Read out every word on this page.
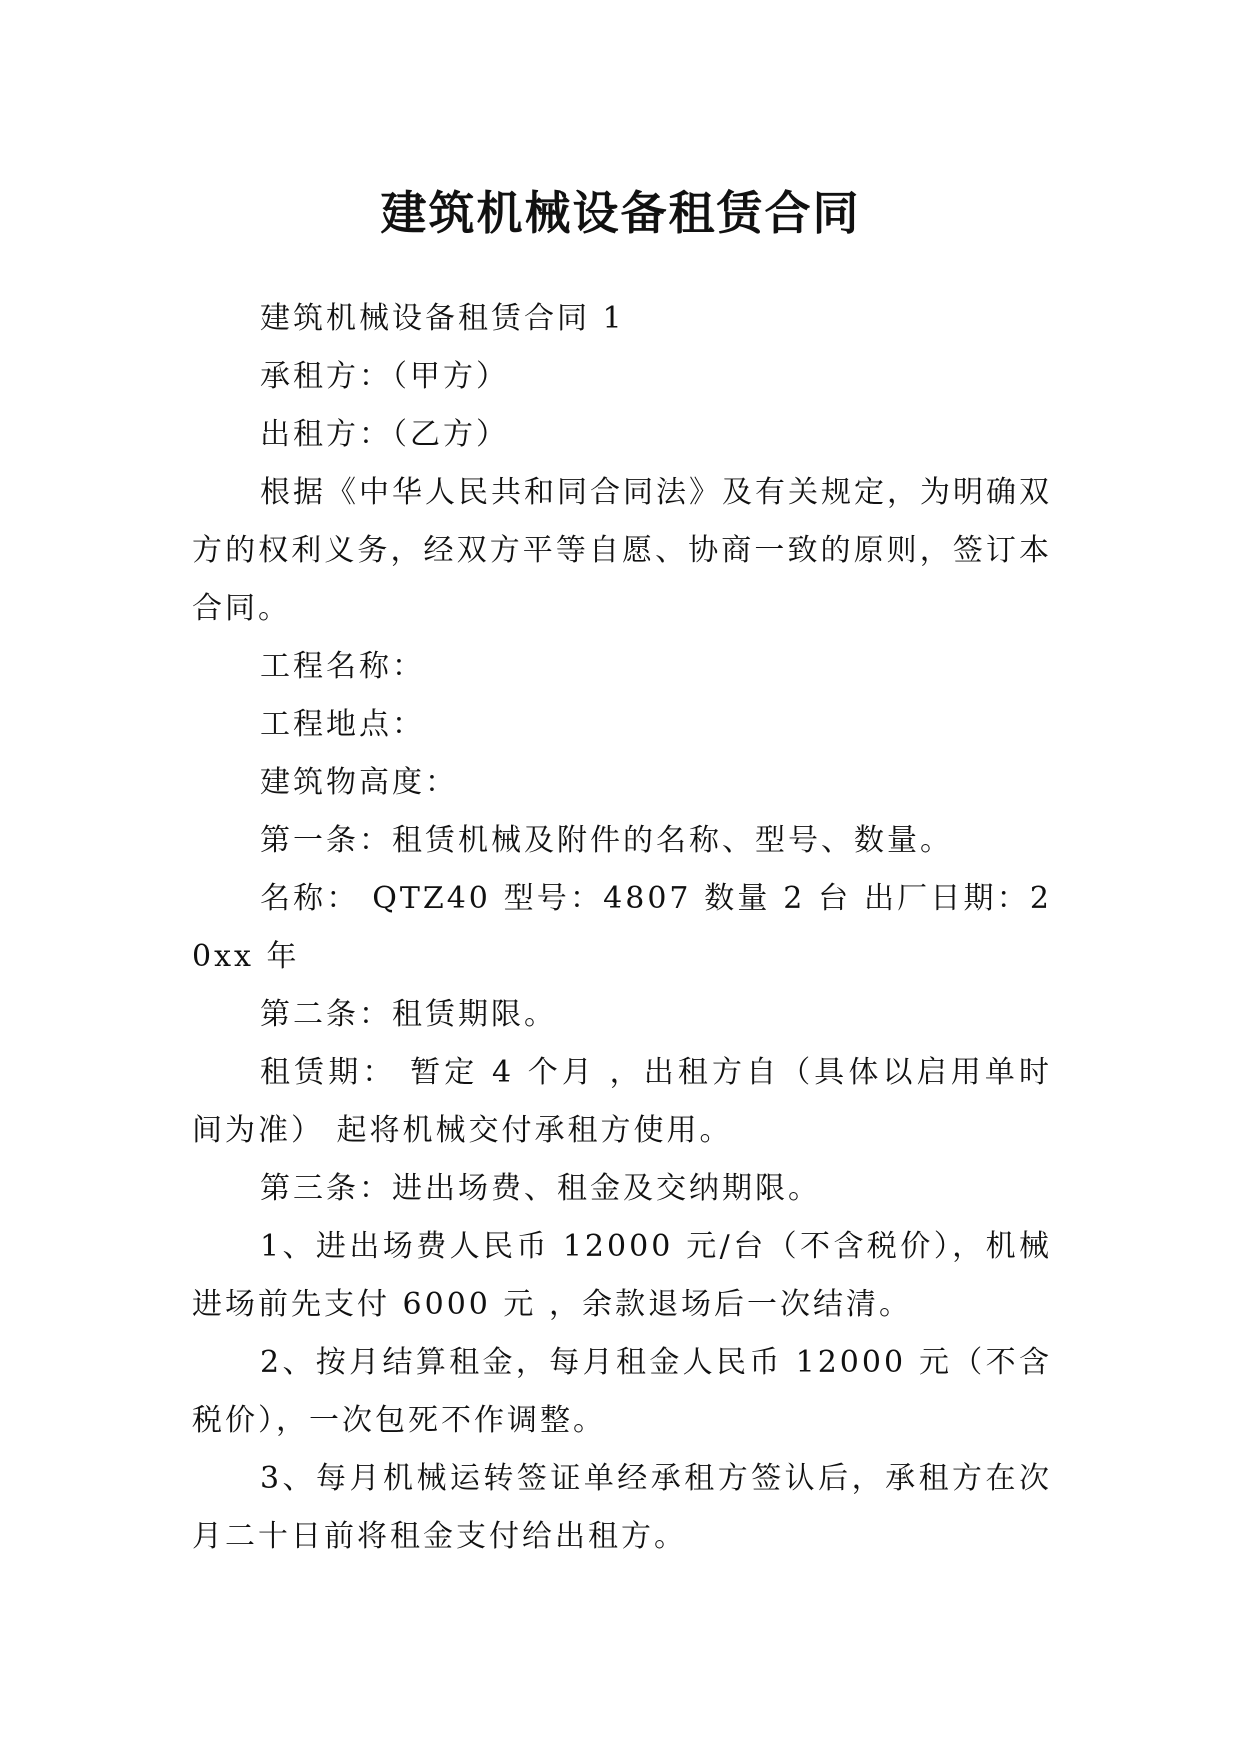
建筑机械设备租赁合同

建筑机械设备租赁合同 1

承租方：（甲方）

出租方：（乙方）

根据《中华人民共和同合同法》及有关规定，为明确双方的权利义务，经双方平等自愿、协商一致的原则，签订本合同。

工程名称：

工程地点：

建筑物高度：

第一条：租赁机械及附件的名称、型号、数量。

名称： QTZ40 型号：4807 数量 2 台 出厂日期：20xx 年

第二条：租赁期限。

租赁期： 暂定 4 个月 ，出租方自（具体以启用单时间为准） 起将机械交付承租方使用。

第三条：进出场费、租金及交纳期限。

1、进出场费人民币 12000 元/台（不含税价），机械进场前先支付 6000 元 ，余款退场后一次结清。

2、按月结算租金，每月租金人民币 12000 元（不含税价），一次包死不作调整。

3、每月机械运转签证单经承租方签认后，承租方在次月二十日前将租金支付给出租方。
